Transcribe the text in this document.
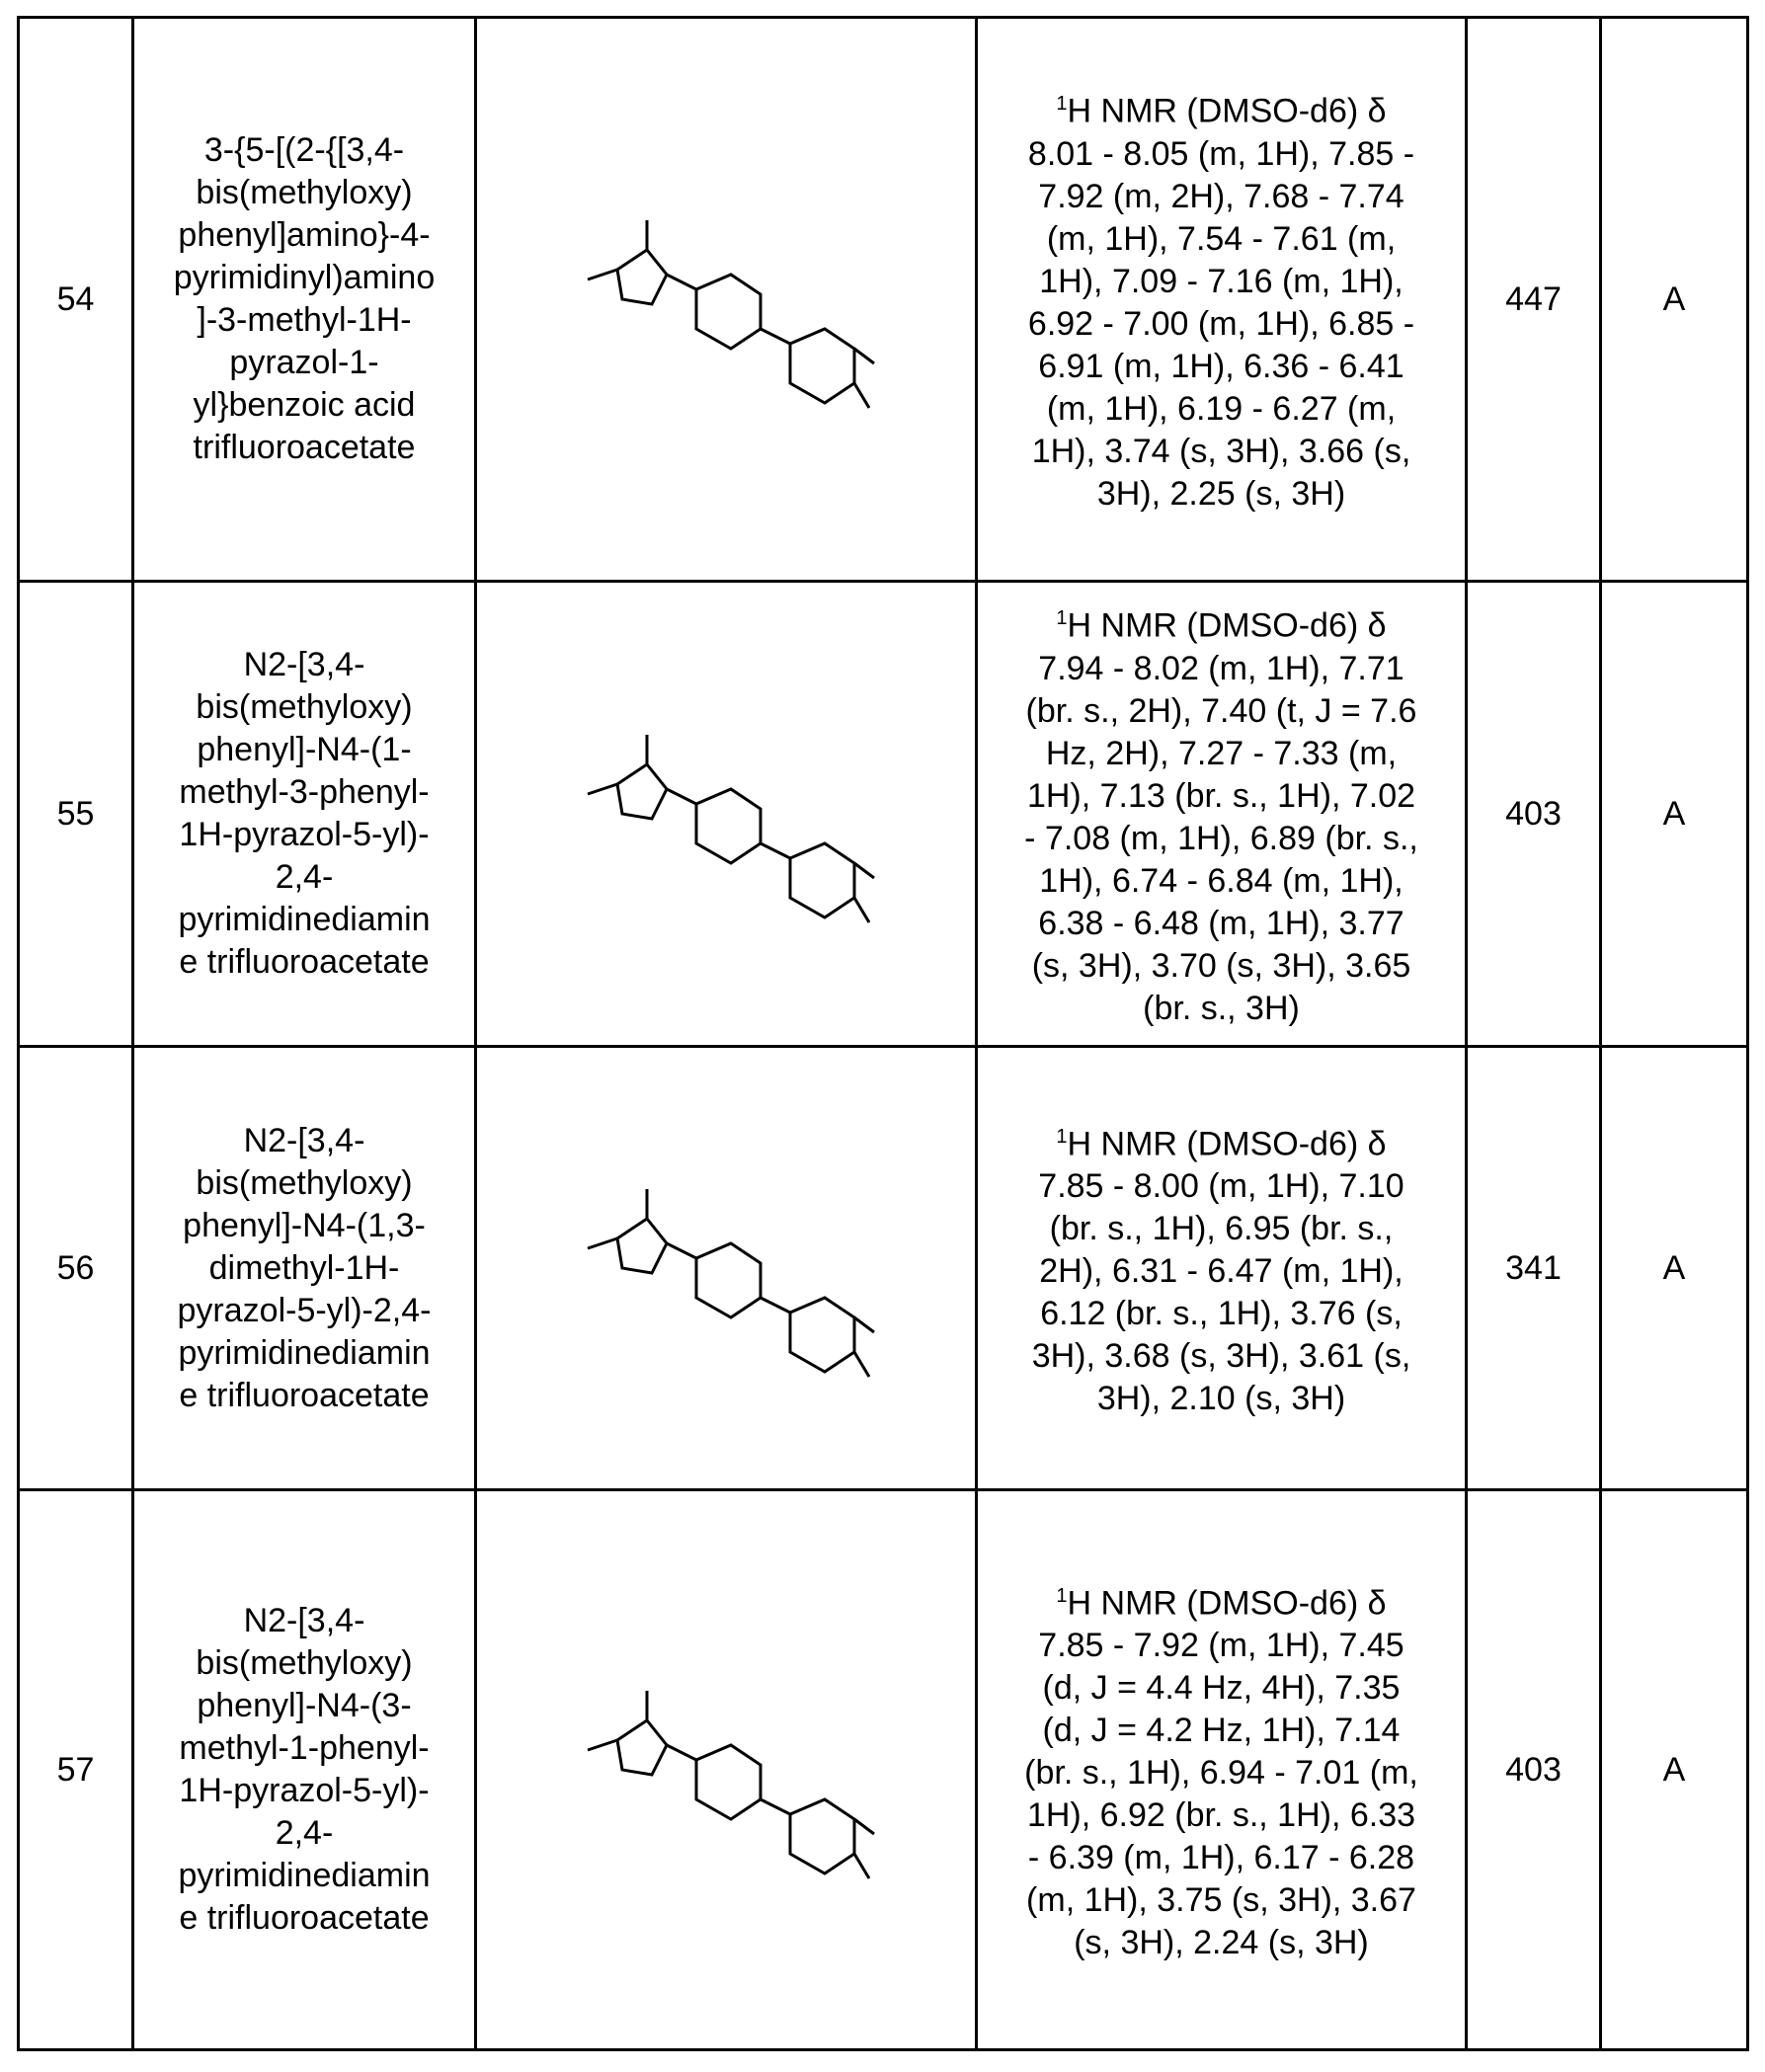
54	
3-{5-[(2-{[3,4-
bis(methyloxy)
phenyl]amino}-4-
pyrimidinyl)amino
]-3-methyl-1H-
pyrazol-1-
yl}benzoic acid
trifluoroacetate

1H NMR (DMSO-d6) δ
8.01 - 8.05 (m, 1H), 7.85 -
7.92 (m, 2H), 7.68 - 7.74
(m, 1H), 7.54 - 7.61 (m,
1H), 7.09 - 7.16 (m, 1H),
6.92 - 7.00 (m, 1H), 6.85 -
6.91 (m, 1H), 6.36 - 6.41
(m, 1H), 6.19 - 6.27 (m,
1H), 3.74 (s, 3H), 3.66 (s,
3H), 2.25 (s, 3H)
	447	A
55	
N2-[3,4-
bis(methyloxy)
phenyl]-N4-(1-
methyl-3-phenyl-
1H-pyrazol-5-yl)-
2,4-
pyrimidinediamin
e trifluoroacetate

1H NMR (DMSO-d6) δ
7.94 - 8.02 (m, 1H), 7.71
(br. s., 2H), 7.40 (t, J = 7.6
Hz, 2H), 7.27 - 7.33 (m,
1H), 7.13 (br. s., 1H), 7.02
- 7.08 (m, 1H), 6.89 (br. s.,
1H), 6.74 - 6.84 (m, 1H),
6.38 - 6.48 (m, 1H), 3.77
(s, 3H), 3.70 (s, 3H), 3.65
(br. s., 3H)
	403	A
56	
N2-[3,4-
bis(methyloxy)
phenyl]-N4-(1,3-
dimethyl-1H-
pyrazol-5-yl)-2,4-
pyrimidinediamin
e trifluoroacetate

1H NMR (DMSO-d6) δ
7.85 - 8.00 (m, 1H), 7.10
(br. s., 1H), 6.95 (br. s.,
2H), 6.31 - 6.47 (m, 1H),
6.12 (br. s., 1H), 3.76 (s,
3H), 3.68 (s, 3H), 3.61 (s,
3H), 2.10 (s, 3H)
	341	A
57	
N2-[3,4-
bis(methyloxy)
phenyl]-N4-(3-
methyl-1-phenyl-
1H-pyrazol-5-yl)-
2,4-
pyrimidinediamin
e trifluoroacetate

1H NMR (DMSO-d6) δ
7.85 - 7.92 (m, 1H), 7.45
(d, J = 4.4 Hz, 4H), 7.35
(d, J = 4.2 Hz, 1H), 7.14
(br. s., 1H), 6.94 - 7.01 (m,
1H), 6.92 (br. s., 1H), 6.33
- 6.39 (m, 1H), 6.17 - 6.28
(m, 1H), 3.75 (s, 3H), 3.67
(s, 3H), 2.24 (s, 3H)
	403	A
